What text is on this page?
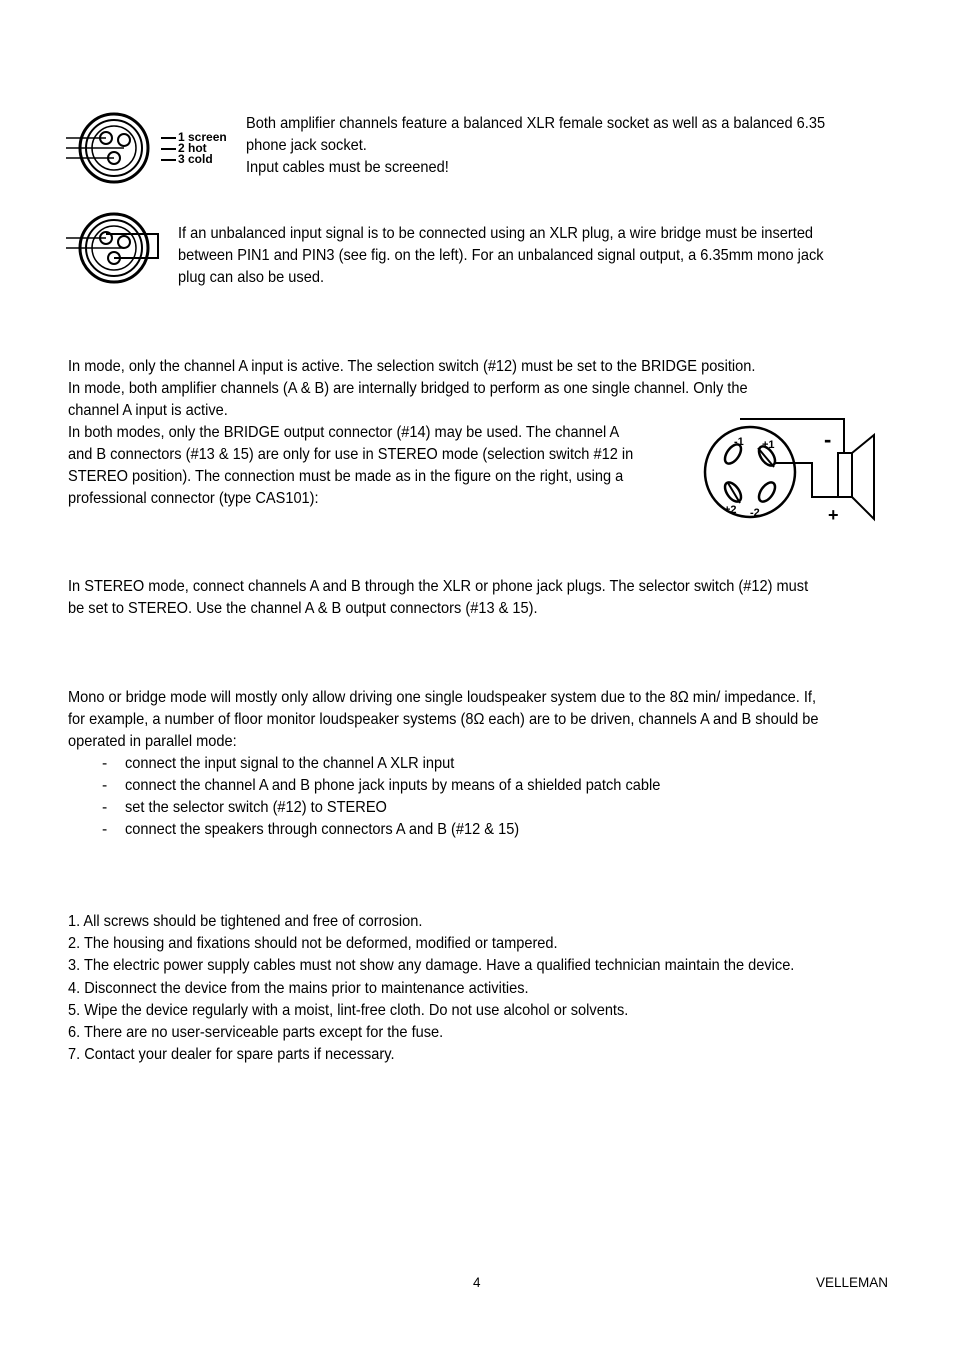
1 screen
2 hot
3 cold
Both amplifier channels feature a balanced XLR female socket as well as a balanced 6.35
phone jack socket.
Input cables must be screened!
If an unbalanced input signal is to be connected using an XLR plug, a wire bridge must be inserted
between PIN1 and PIN3 (see fig. on the left). For an unbalanced signal output, a 6.35mm mono jack
plug can also be used.
In mode, only the channel A input is active. The selection switch (#12) must be set to the BRIDGE position.
In mode, both amplifier channels (A & B) are internally bridged to perform as one single channel. Only the
channel A input is active.
In both modes, only the BRIDGE output connector (#14) may be used. The channel A
and B connectors (#13 & 15) are only for use in STEREO mode (selection switch #12 in
STEREO position). The connection must be made as in the figure on the right, using a
professional connector (type CAS101):
-1 +1
+2 -2
-
+
In STEREO mode, connect channels A and B through the XLR or phone jack plugs. The selector switch (#12) must
be set to STEREO. Use the channel A & B output connectors (#13 & 15).
Mono or bridge mode will mostly only allow driving one single loudspeaker system due to the 8Ω min/ impedance. If,
for example, a number of floor monitor loudspeaker systems (8Ω each) are to be driven, channels A and B should be
operated in parallel mode:
- connect the input signal to the channel A XLR input
- connect the channel A and B phone jack inputs by means of a shielded patch cable
- set the selector switch (#12) to STEREO
- connect the speakers through connectors A and B (#12 & 15)
1. All screws should be tightened and free of corrosion.
2. The housing and fixations should not be deformed, modified or tampered.
3. The electric power supply cables must not show any damage. Have a qualified technician maintain the device.
4. Disconnect the device from the mains prior to maintenance activities.
5. Wipe the device regularly with a moist, lint-free cloth. Do not use alcohol or solvents.
6. There are no user-serviceable parts except for the fuse.
7. Contact your dealer for spare parts if necessary.
4	VELLEMAN
